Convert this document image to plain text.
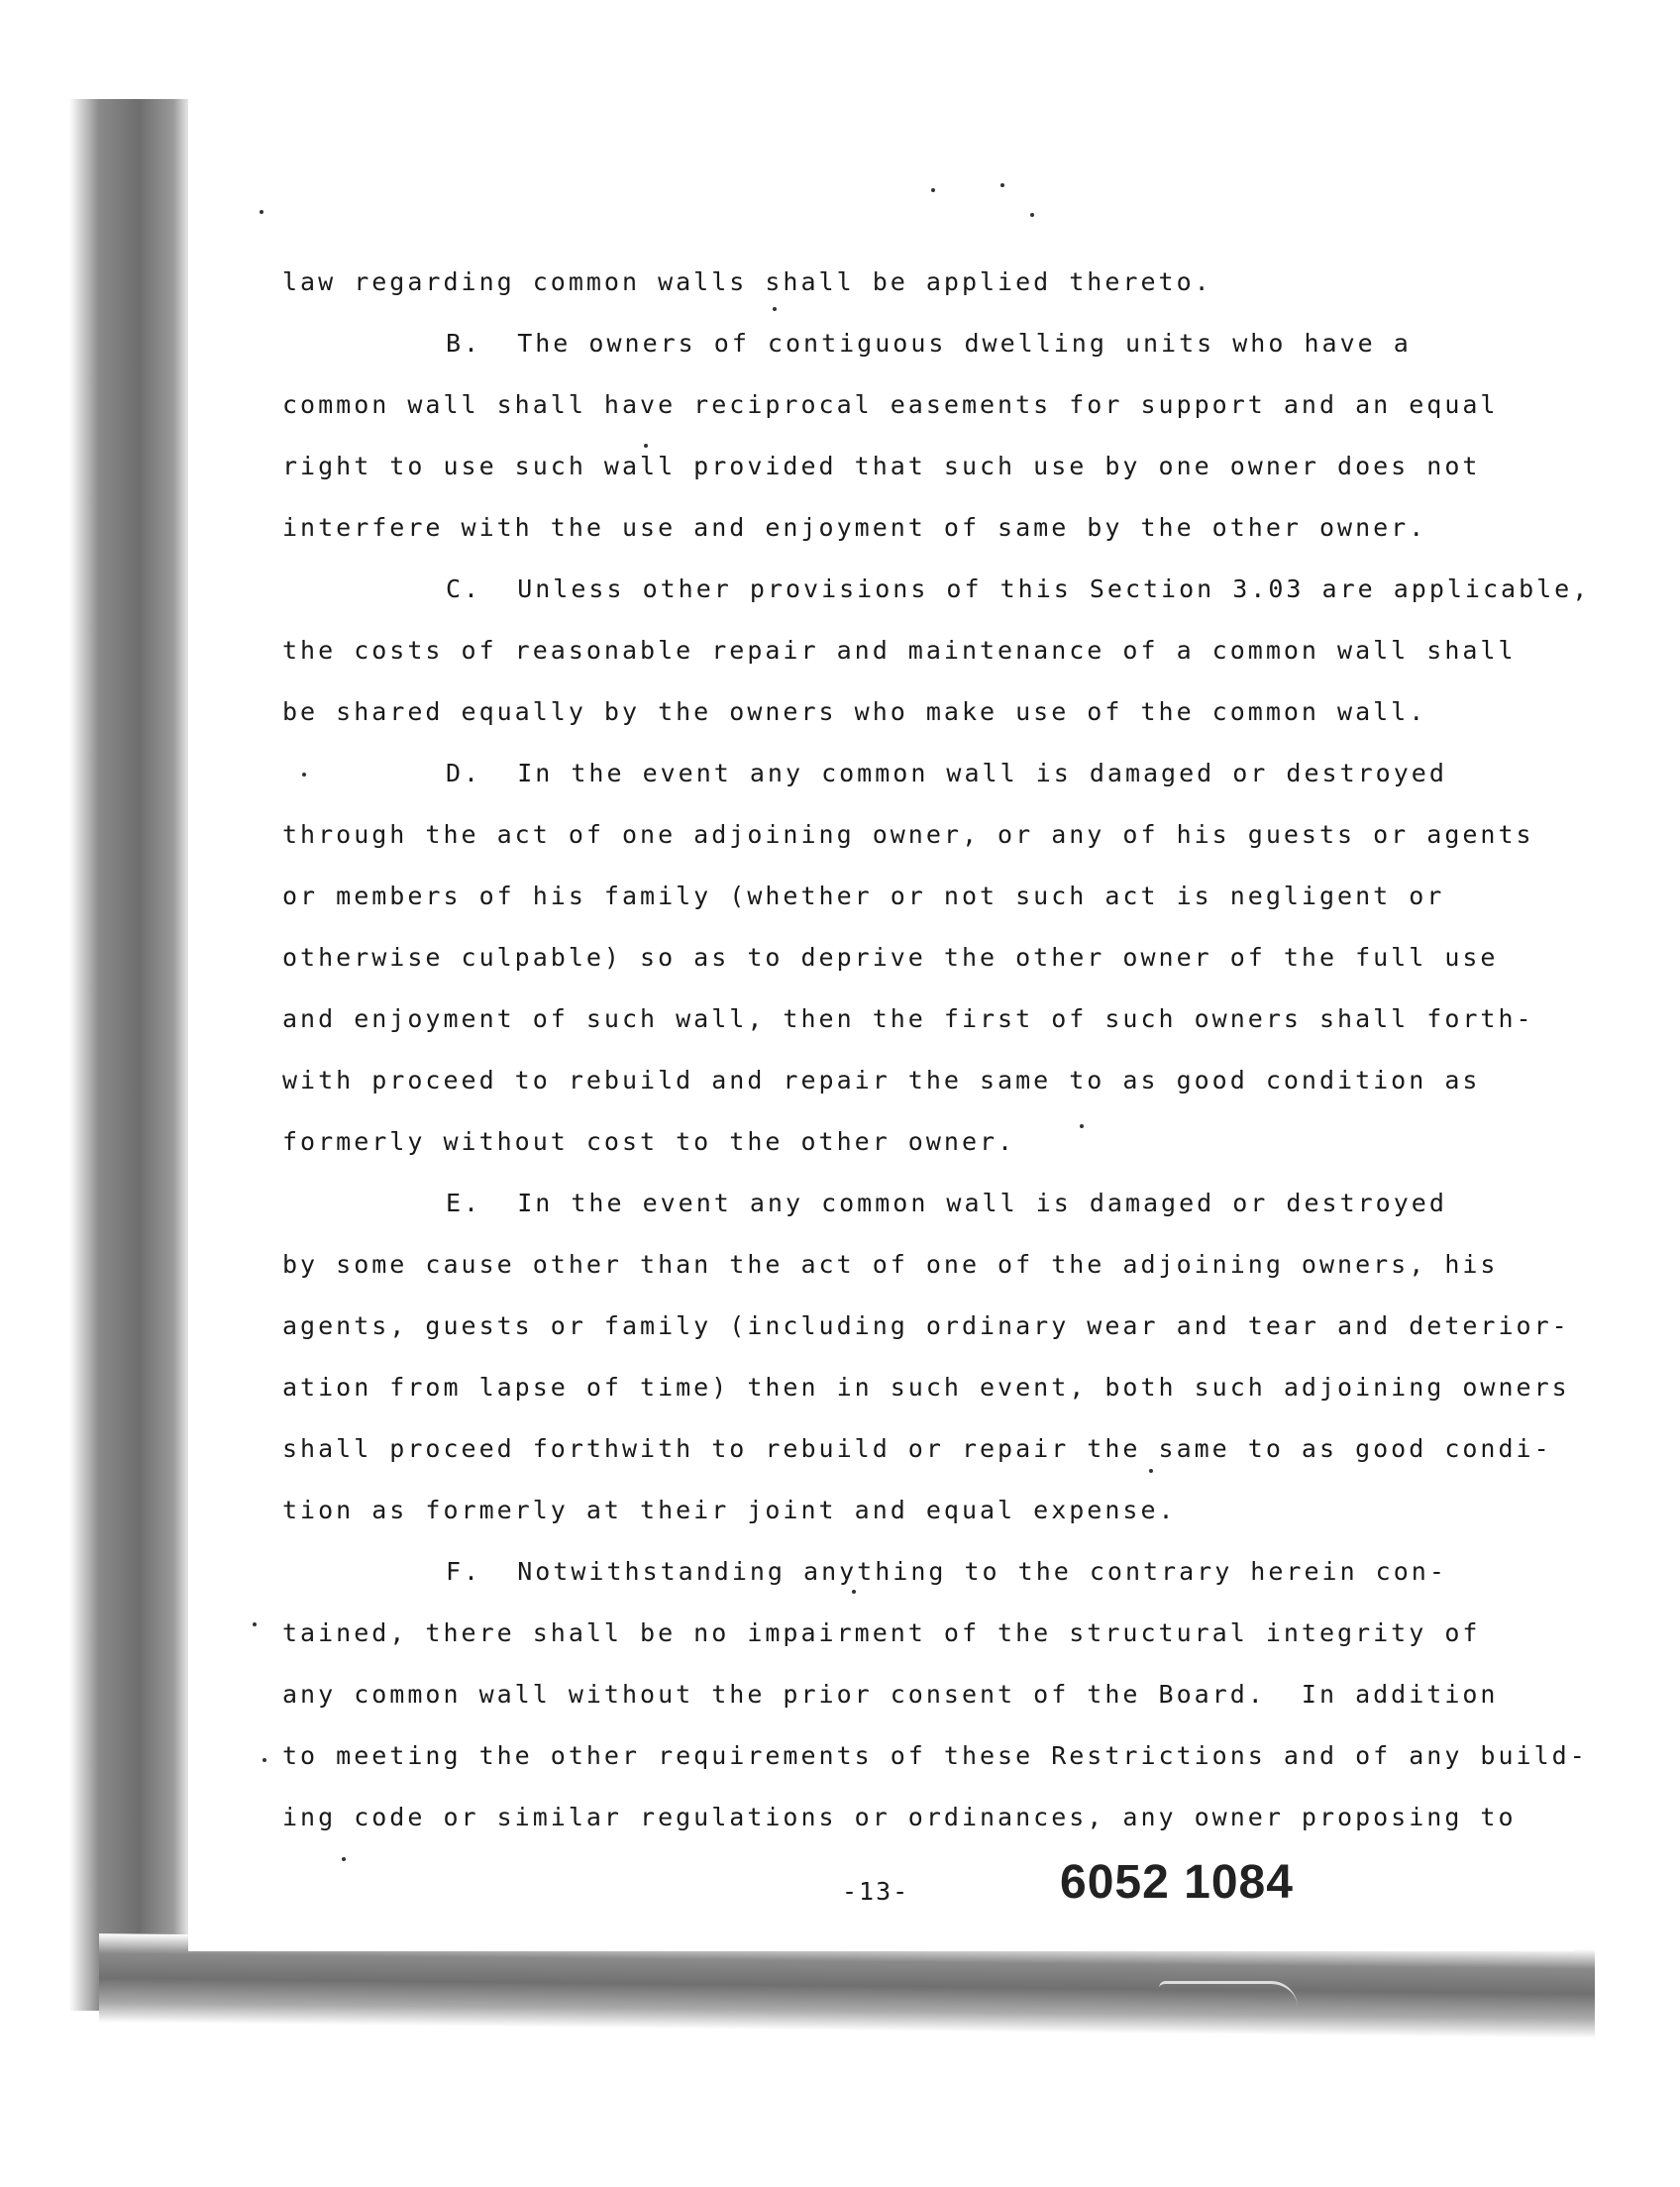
law regarding common walls shall be applied thereto.
B.  The owners of contiguous dwelling units who have a
common wall shall have reciprocal easements for support and an equal
right to use such wall provided that such use by one owner does not
interfere with the use and enjoyment of same by the other owner.
C.  Unless other provisions of this Section 3.03 are applicable,
the costs of reasonable repair and maintenance of a common wall shall
be shared equally by the owners who make use of the common wall.
D.  In the event any common wall is damaged or destroyed
through the act of one adjoining owner, or any of his guests or agents
or members of his family (whether or not such act is negligent or
otherwise culpable) so as to deprive the other owner of the full use
and enjoyment of such wall, then the first of such owners shall forth-
with proceed to rebuild and repair the same to as good condition as
formerly without cost to the other owner.
E.  In the event any common wall is damaged or destroyed
by some cause other than the act of one of the adjoining owners, his
agents, guests or family (including ordinary wear and tear and deterior-
ation from lapse of time) then in such event, both such adjoining owners
shall proceed forthwith to rebuild or repair the same to as good condi-
tion as formerly at their joint and equal expense.
F.  Notwithstanding anything to the contrary herein con-
tained, there shall be no impairment of the structural integrity of
any common wall without the prior consent of the Board.  In addition
to meeting the other requirements of these Restrictions and of any build-
ing code or similar regulations or ordinances, any owner proposing to
-13-	6052 1084
